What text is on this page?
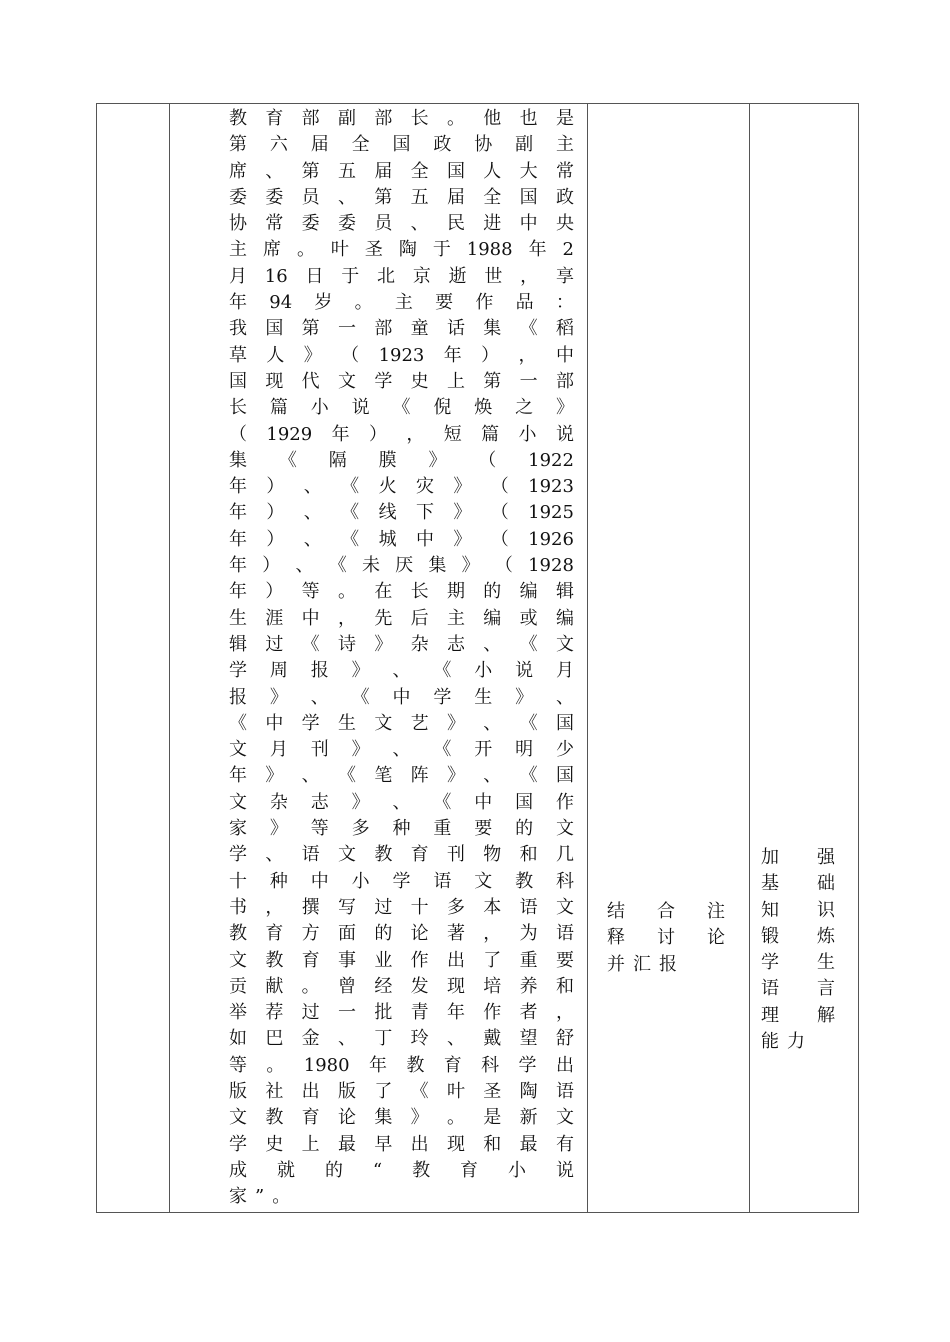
教 育 部 副 部 长 。 他 也 是
第 六 届 全 国 政 协 副 主
席 、 第 五 届 全 国 人 大 常
委 委 员 、 第 五 届 全 国 政
协 常 委 委 员 、 民 进 中 央
主 席 。 叶 圣 陶 于 1988 年 2
月 16 日 于 北 京 逝 世 ， 享
年 94 岁 。 主 要 作 品 ：
我 国 第 一 部 童 话 集 《 稻
草 人 》 （ 1923 年 ） ， 中
国 现 代 文 学 史 上 第 一 部
长 篇 小 说 《 倪 焕 之 》
（ 1929 年 ） ， 短 篇 小 说
集 《 隔 膜 》 （ 1922
年 ） 、 《 火 灾 》 （ 1923
年 ） 、 《 线 下 》 （ 1925
年 ） 、 《 城 中 》 （ 1926
年 ） 、 《 未 厌 集 》 （ 1928
年 ） 等 。 在 长 期 的 编 辑
生 涯 中 ， 先 后 主 编 或 编
辑 过 《 诗 》 杂 志 、 《 文
学 周 报 》 、 《 小 说 月
报 》 、 《 中 学 生 》 、
《 中 学 生 文 艺 》 、 《 国
文 月 刊 》 、 《 开 明 少
年 》 、 《 笔 阵 》 、 《 国
文 杂 志 》 、 《 中 国 作
家 》 等 多 种 重 要 的 文
学 、 语 文 教 育 刊 物 和 几
十 种 中 小 学 语 文 教 科
书 ， 撰 写 过 十 多 本 语 文
教 育 方 面 的 论 著 ， 为 语
文 教 育 事 业 作 出 了 重 要
贡 献 。 曾 经 发 现 培 养 和
举 荐 过 一 批 青 年 作 者 ，
如 巴 金 、 丁 玲 、 戴 望 舒
等 。 1980 年 教 育 科 学 出
版 社 出 版 了 《 叶 圣 陶 语
文 教 育 论 集 》 。 是 新 文
学 史 上 最 早 出 现 和 最 有
成 就 的 “ 教 育 小 说
家 ” 。
结 合 注
释 讨 论
并 汇 报
加 强
基 础
知 识
锻 炼
学 生
语 言
理 解
能 力
